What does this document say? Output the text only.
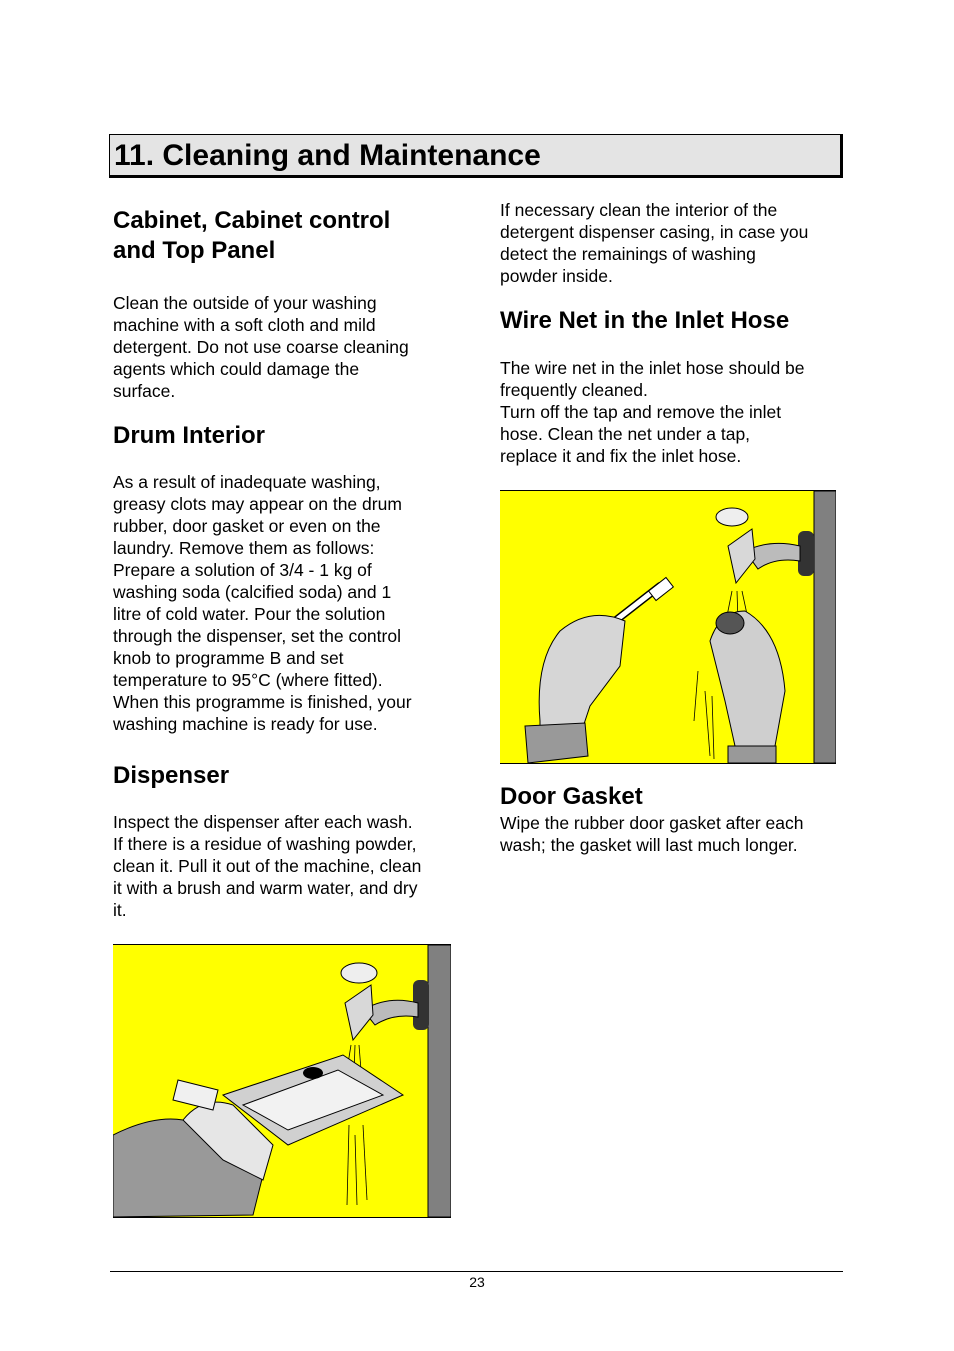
11. Cleaning and Maintenance
Cabinet, Cabinet control
and Top Panel

Clean the outside of your washing
machine with a soft cloth and mild
detergent. Do not use coarse cleaning
agents which could damage the
surface.

Drum Interior

As a result of inadequate washing,
greasy clots may appear on the drum
rubber, door gasket or even on the
laundry. Remove them as follows:
Prepare a solution of 3/4 - 1 kg of
washing soda (calcified soda) and 1
litre of cold water. Pour the solution
through the dispenser, set the control
knob to programme B and set
temperature to 95°C (where fitted).
When this programme is finished, your
washing machine is ready for use.

Dispenser

Inspect the dispenser after each wash.
If there is a residue of washing powder,
clean it. Pull it out of the machine, clean
it with a brush and warm water, and dry
it.

If necessary clean the interior of the
detergent dispenser casing, in case you
detect the remainings of washing
powder inside.

Wire Net in the Inlet Hose

The wire net in the inlet hose should be
frequently cleaned.
Turn off the tap and remove the inlet
hose. Clean the net under a tap,
replace it and fix the inlet hose.

Door Gasket

Wipe the rubber door gasket after each
wash; the gasket will last much longer.

23
